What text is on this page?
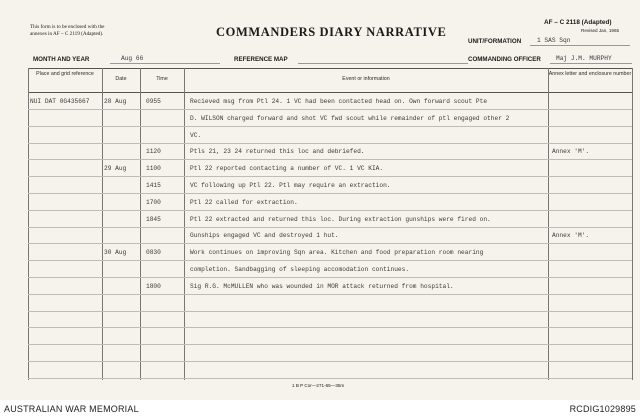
This form is to be enclosed with the
annexes in AF – C 2119 (Adapted).	COMMANDERS DIARY NARRATIVE
AF – C 2118 (Adapted)
Revised Jan, 1965
UNIT/FORMATION	1 SAS Sqn
MONTH AND YEAR	Aug 66	REFERENCE MAP	COMMANDING OFFICER Maj J.M. MURPHY
Place and grid reference
Date	Time	Event or information
Annex letter and enclosure number
NUI DAT 0G435667	28 Aug	0955	Recieved msg from Ptl 24. 1 VC had been contacted head on. Own forward scout Pte
D. WILSON charged forward and shot VC fwd scout while remainder of ptl engaged other 2
VC.
1120	Ptls 21, 23 24 returned this loc and debriefed.	Annex 'M'.
29 Aug	1100	Ptl 22 reported contacting a number of VC. 1 VC KIA.
1415	VC following up Ptl 22. Ptl may require an extraction.
1700	Ptl 22 called for extraction.
1845	Ptl 22 extracted and returned this loc. During extraction gunships were fired on.
Gunships engaged VC and destroyed 1 hut.	Annex 'M'.
30 Aug	0830	Work continues on improving Sqn area. Kitchen and food preparation room nearing
completion. Sandbagging of sleeping accomodation continues.
1800	Sig R.G. McMULLEN who was wounded in MOR attack returned from hospital.
1 B P Cor—271-65—35m
AUSTRALIAN WAR MEMORIAL	RCDIG1029895
